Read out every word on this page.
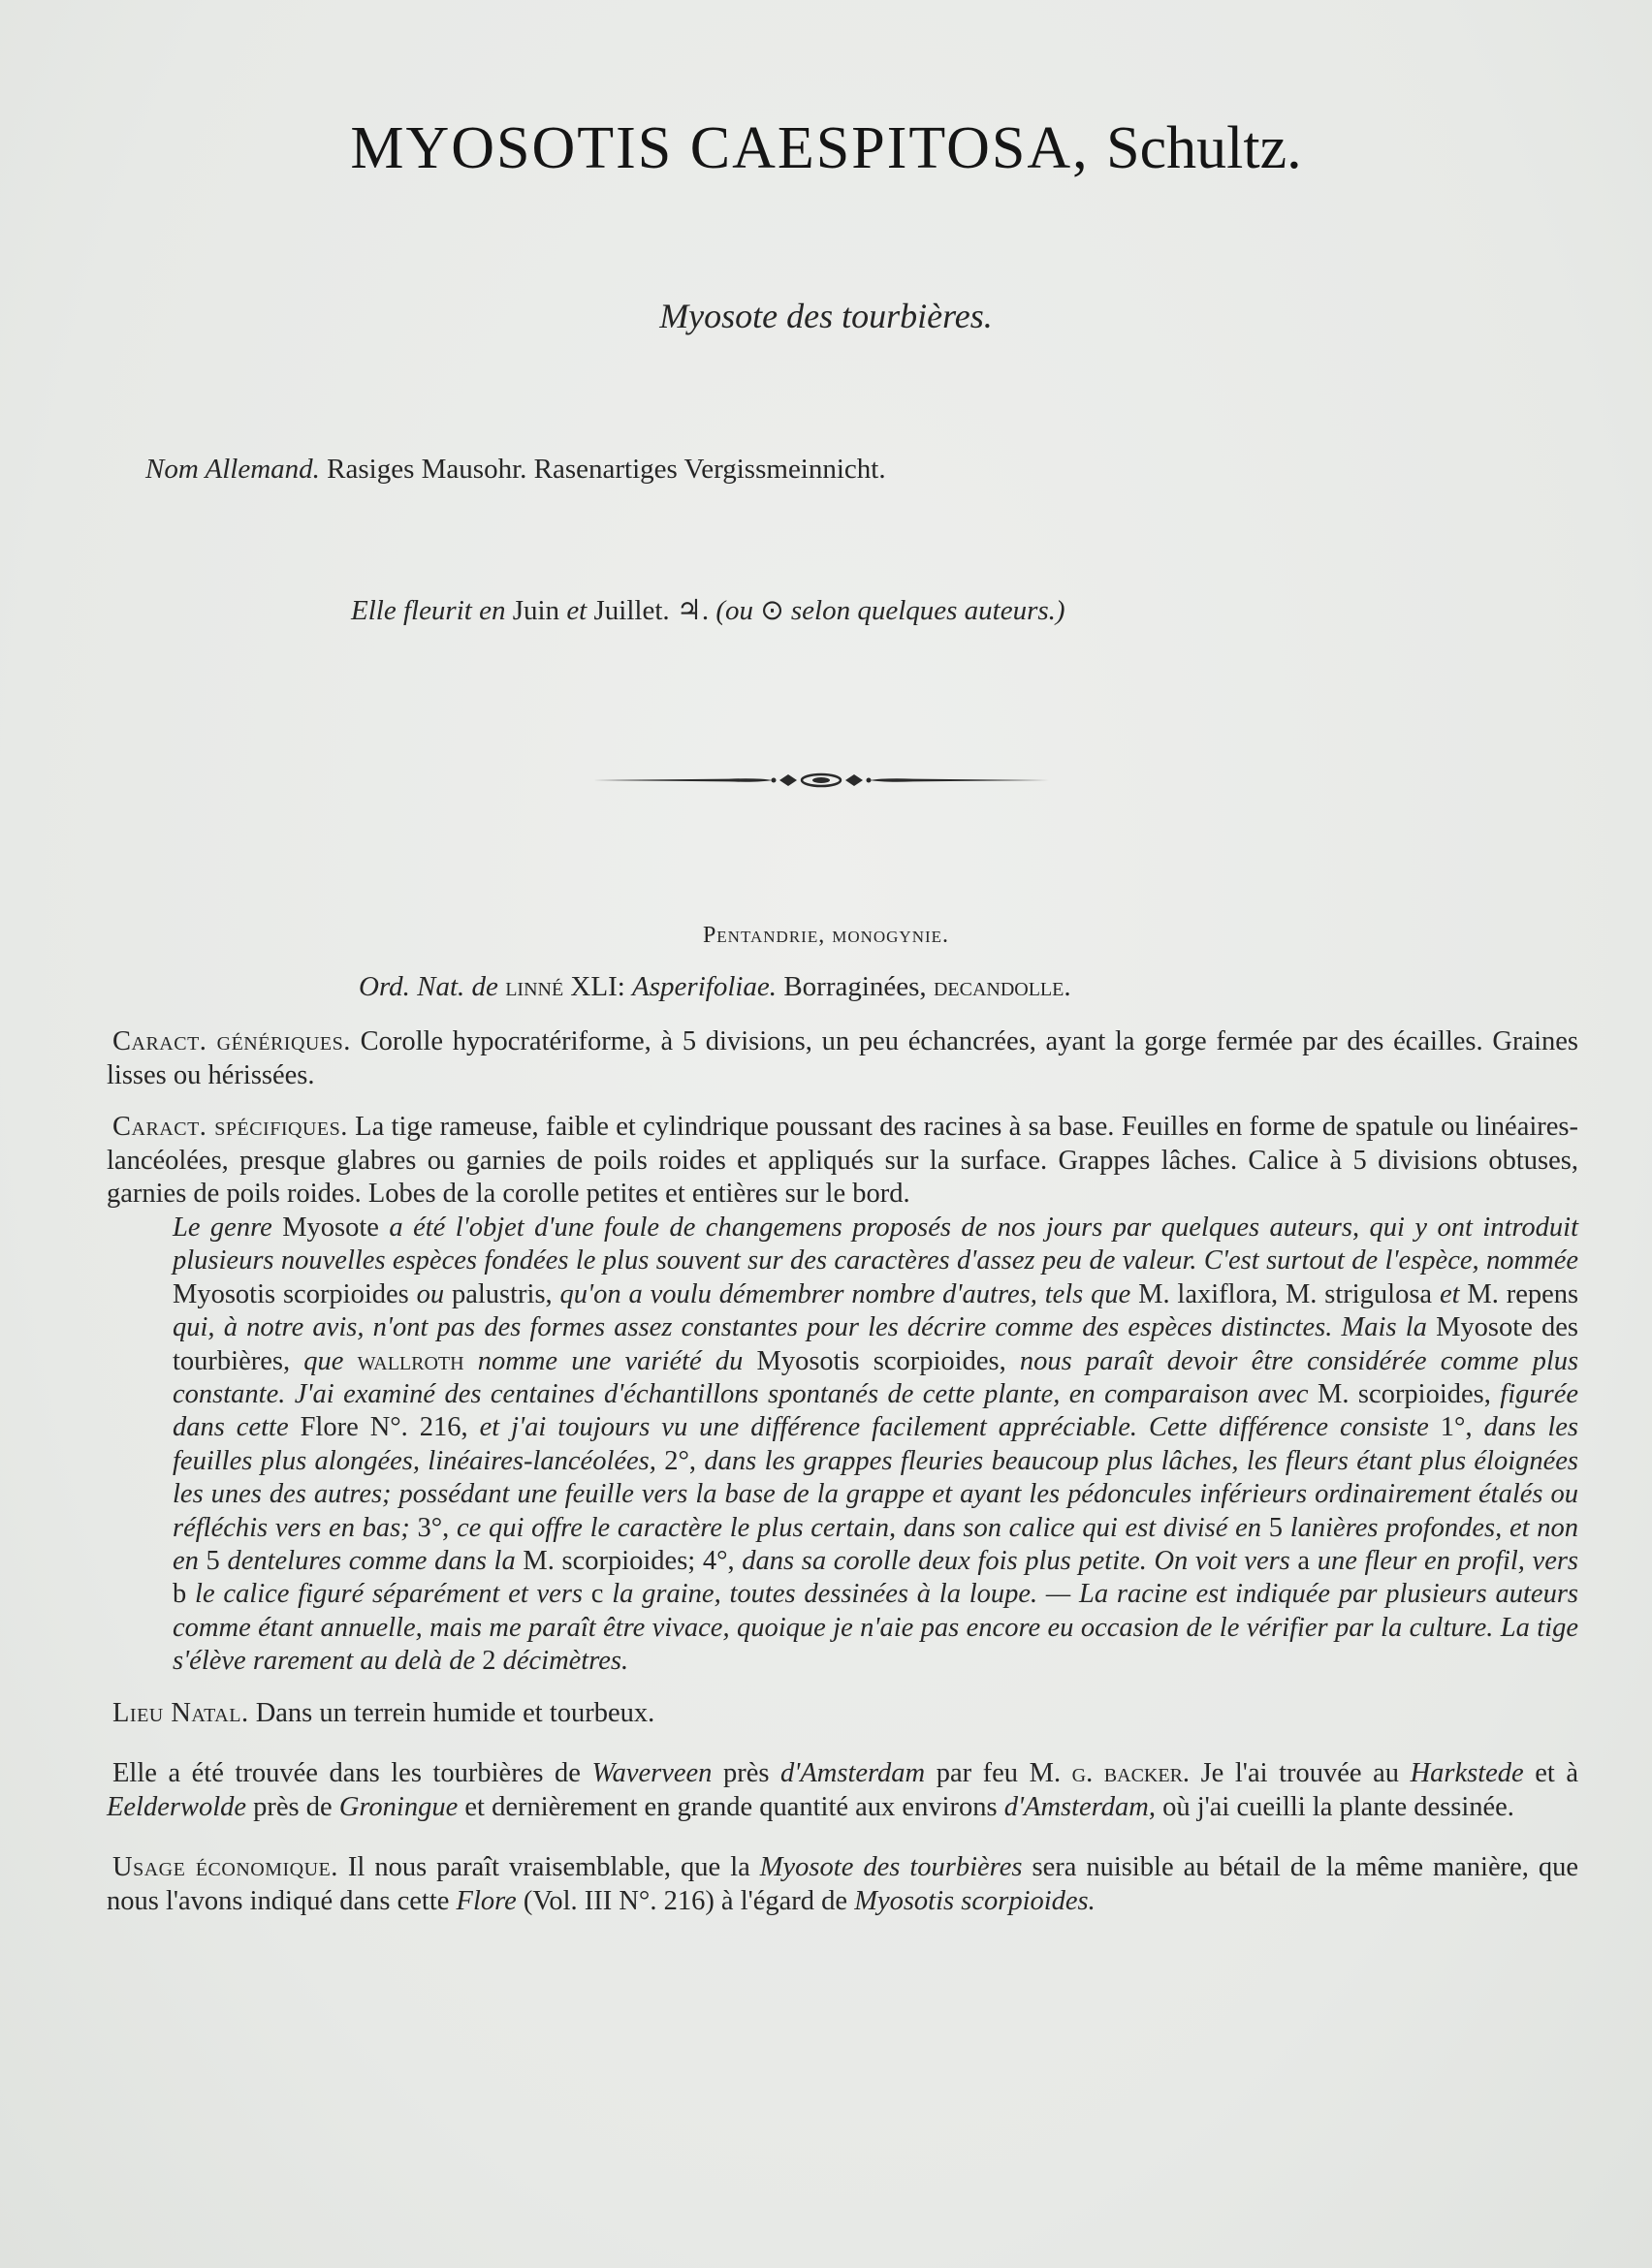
MYOSOTIS CAESPITOSA, Schultz.

Myosote des tourbières.

Nom Allemand. Rasiges Mausohr. Rasenartiges Vergissmeinnicht.

Elle fleurit en Juin et Juillet. ♃. (ou ⊙ selon quelques auteurs.)

Pentandrie, monogynie.

Ord. Nat. de linné XLI: Asperifoliae. Borraginées, decandolle.

Caract. génériques. Corolle hypocratériforme, à 5 divisions, un peu échancrées, ayant la gorge fermée par des écailles. Graines lisses ou hérissées.

Caract. spécifiques. La tige rameuse, faible et cylindrique poussant des racines à sa base. Feuilles en forme de spatule ou linéaires-lancéolées, presque glabres ou garnies de poils roides et appliqués sur la surface. Grappes lâches. Calice à 5 divisions obtuses, garnies de poils roides. Lobes de la corolle petites et entières sur le bord.

Le genre Myosote a été l'objet d'une foule de changemens proposés de nos jours par quelques auteurs, qui y ont introduit plusieurs nouvelles espèces fondées le plus souvent sur des caractères d'assez peu de valeur. C'est surtout de l'espèce, nommée Myosotis scorpioides ou palustris, qu'on a voulu démembrer nombre d'autres, tels que M. laxiflora, M. strigulosa et M. repens qui, à notre avis, n'ont pas des formes assez constantes pour les décrire comme des espèces distinctes. Mais la Myosote des tourbières, que wallroth nomme une variété du Myosotis scorpioides, nous paraît devoir être considérée comme plus constante. J'ai examiné des centaines d'échantillons spontanés de cette plante, en comparaison avec M. scorpioides, figurée dans cette Flore N°. 216, et j'ai toujours vu une différence facilement appréciable. Cette différence consiste 1°, dans les feuilles plus alongées, linéaires-lancéolées, 2°, dans les grappes fleuries beaucoup plus lâches, les fleurs étant plus éloignées les unes des autres; possédant une feuille vers la base de la grappe et ayant les pédoncules inférieurs ordinairement étalés ou réfléchis vers en bas; 3°, ce qui offre le caractère le plus certain, dans son calice qui est divisé en 5 lanières profondes, et non en 5 dentelures comme dans la M. scorpioides; 4°, dans sa corolle deux fois plus petite. On voit vers a une fleur en profil, vers b le calice figuré séparément et vers c la graine, toutes dessinées à la loupe. — La racine est indiquée par plusieurs auteurs comme étant annuelle, mais me paraît être vivace, quoique je n'aie pas encore eu occasion de le vérifier par la culture. La tige s'élève rarement au delà de 2 décimètres.

Lieu Natal. Dans un terrein humide et tourbeux.

Elle a été trouvée dans les tourbières de Waverveen près d'Amsterdam par feu M. g. backer. Je l'ai trouvée au Harkstede et à Eelderwolde près de Groningue et dernièrement en grande quantité aux environs d'Amsterdam, où j'ai cueilli la plante dessinée.

Usage économique. Il nous paraît vraisemblable, que la Myosote des tourbières sera nuisible au bétail de la même manière, que nous l'avons indiqué dans cette Flore (Vol. III N°. 216) à l'égard de Myosotis scorpioides.
